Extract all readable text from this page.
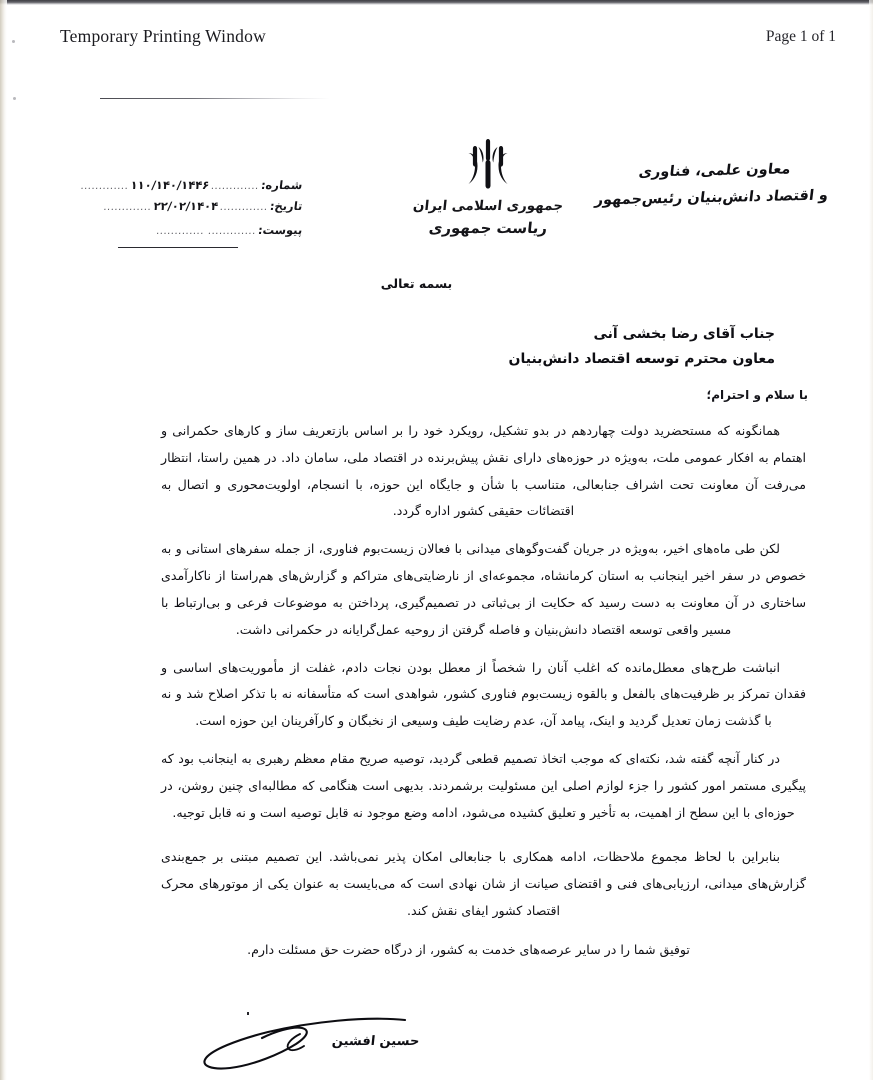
Temporary Printing Window	Page 1 of 1
جمهوری اسلامی ایران
ریاست جمهوری
معاون علمی، فناوری
و اقتصاد دانش‌بنیان رئیس‌جمهور
شماره:
.............
۱۱۰/۱۴۰/۱۴۴۶
.............
تاریخ:
.............
۲۲/۰۲/۱۴۰۴
.............
پیوست:
.............
.............
بسمه تعالی
جناب آقای رضا بخشی آنی
معاون محترم توسعه اقتصاد دانش‌بنیان
با سلام و احترام؛

همانگونه که مستحضرید دولت چهاردهم در بدو تشکیل، رویکرد خود را بر اساس بازتعریف ساز و کارهای حکمرانی و اهتمام به افکار عمومی ملت، به‌ویژه در حوزه‌های دارای نقش پیش‌برنده در اقتصاد ملی، سامان داد. در همین راستا، انتظار می‌رفت آن معاونت تحت اشراف جنابعالی، متناسب با شأن و جایگاه این حوزه، با انسجام، اولویت‌محوری و اتصال به اقتضائات حقیقی کشور اداره گردد.

لکن طی ماه‌های اخیر، به‌ویژه در جریان گفت‌وگوهای میدانی با فعالان زیست‌بوم فناوری، از جمله سفرهای استانی و به خصوص در سفر اخیر اینجانب به استان کرمانشاه، مجموعه‌ای از نارضایتی‌های متراکم و گزارش‌های هم‌راستا از ناکارآمدی ساختاری در آن معاونت به دست رسید که حکایت از بی‌ثباتی در تصمیم‌گیری، پرداختن به موضوعات فرعی و بی‌ارتباط با مسیر واقعی توسعه اقتصاد دانش‌بنیان و فاصله گرفتن از روحیه عمل‌گرایانه در حکمرانی داشت.

انباشت طرح‌های معطل‌مانده که اغلب آنان را شخصاً از معطل بودن نجات دادم، غفلت از مأموریت‌های اساسی و فقدان تمرکز بر ظرفیت‌های بالفعل و بالقوه زیست‌بوم فناوری کشور، شواهدی است که متأسفانه نه با تذکر اصلاح شد و نه با گذشت زمان تعدیل گردید و اینک، پیامد آن، عدم رضایت طیف وسیعی از نخبگان و کارآفرینان این حوزه است.

در کنار آنچه گفته شد، نکته‌ای که موجب اتخاذ تصمیم قطعی گردید، توصیه صریح مقام معظم رهبری به اینجانب بود که پیگیری مستمر امور کشور را جزء لوازم اصلی این مسئولیت برشمردند. بدیهی است هنگامی که مطالبه‌ای چنین روشن، در حوزه‌ای با این سطح از اهمیت، به تأخیر و تعلیق کشیده می‌شود، ادامه وضع موجود نه قابل توصیه است و نه قابل توجیه.

بنابراین با لحاظ مجموع ملاحظات، ادامه همکاری با جنابعالی امکان پذیر نمی‌باشد. این تصمیم مبتنی بر جمع‌بندی گزارش‌های میدانی، ارزیابی‌های فنی و اقتضای صیانت از شان نهادی است که می‌بایست به عنوان یکی از موتورهای محرک اقتصاد کشور ایفای نقش کند.

توفیق شما را در سایر عرصه‌های خدمت به کشور، از درگاه حضرت حق مسئلت دارم.

حسین افشین
